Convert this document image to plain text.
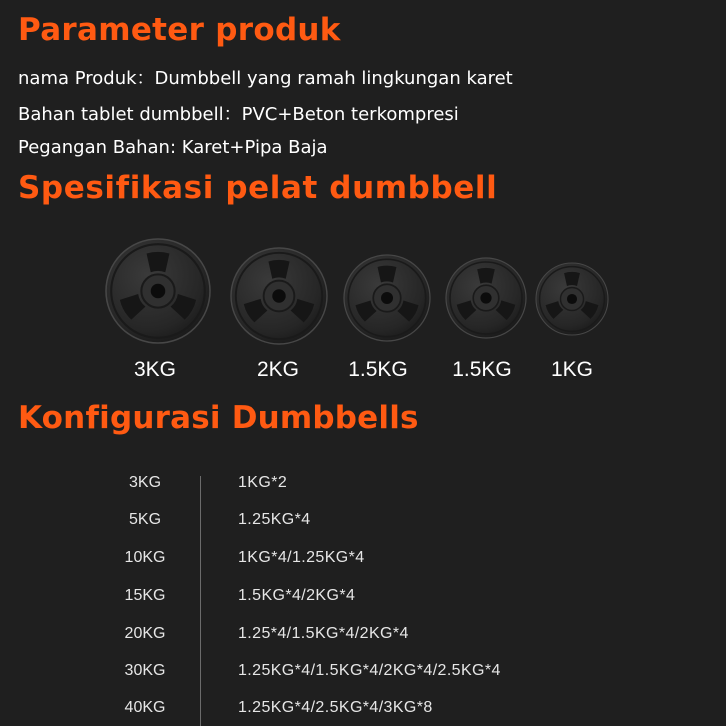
Parameter produk

nama Produk：Dumbbell yang ramah lingkungan karet

Bahan tablet dumbbell：PVC+Beton terkompresi

Pegangan Bahan: Karet+Pipa Baja

Spesifikasi pelat dumbbell
3KG	2KG 1.5KG 1.5KG 1KG
Konfigurasi Dumbbells
3KG	1KG*2
5KG	1.25KG*4
10KG	1KG*4/1.25KG*4
15KG	1.5KG*4/2KG*4
20KG	1.25*4/1.5KG*4/2KG*4
30KG	1.25KG*4/1.5KG*4/2KG*4/2.5KG*4
40KG	1.25KG*4/2.5KG*4/3KG*8
